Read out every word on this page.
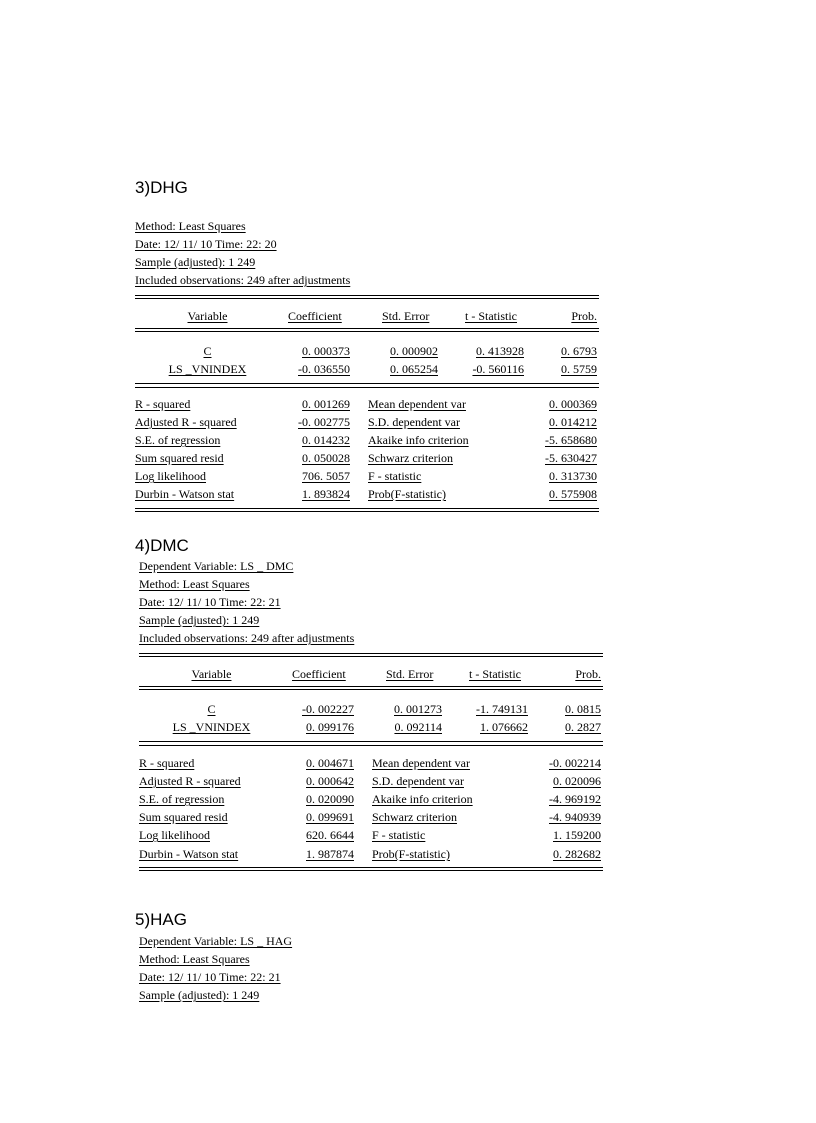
3)DHG
Method: Least Squares
Date: 12/ 11/ 10 Time: 22: 20
Sample (adjusted): 1 249
Included observations: 249 after adjustments
Variable	Coefficient	Std. Error	t - Statistic	Prob.
C	0. 000373	0. 000902	0. 413928	0. 6793
LS _VNINDEX	-0. 036550	0. 065254	-0. 560116	0. 5759
R - squared	0. 001269 Mean dependent var	0. 000369
Adjusted R - squared	-0. 002775 S.D. dependent var	0. 014212
S.E. of regression	0. 014232 Akaike info criterion	-5. 658680
Sum squared resid	0. 050028 Schwarz criterion	-5. 630427
Log likelihood	706. 5057 F - statistic	0. 313730
Durbin - Watson stat	1. 893824 Prob(F-statistic)	0. 575908
4)DMC
Dependent Variable: LS _ DMC
Method: Least Squares
Date: 12/ 11/ 10 Time: 22: 21
Sample (adjusted): 1 249
Included observations: 249 after adjustments
Variable	Coefficient	Std. Error	t - Statistic	Prob.
C	-0. 002227	0. 001273	-1. 749131	0. 0815
LS _VNINDEX	0. 099176	0. 092114	1. 076662	0. 2827
R - squared	0. 004671 Mean dependent var	-0. 002214
Adjusted R - squared	0. 000642 S.D. dependent var	0. 020096
S.E. of regression	0. 020090 Akaike info criterion	-4. 969192
Sum squared resid	0. 099691 Schwarz criterion	-4. 940939
Log likelihood	620. 6644 F - statistic	1. 159200
Durbin - Watson stat	1. 987874 Prob(F-statistic)	0. 282682
5)HAG
Dependent Variable: LS _ HAG
Method: Least Squares
Date: 12/ 11/ 10 Time: 22: 21
Sample (adjusted): 1 249
